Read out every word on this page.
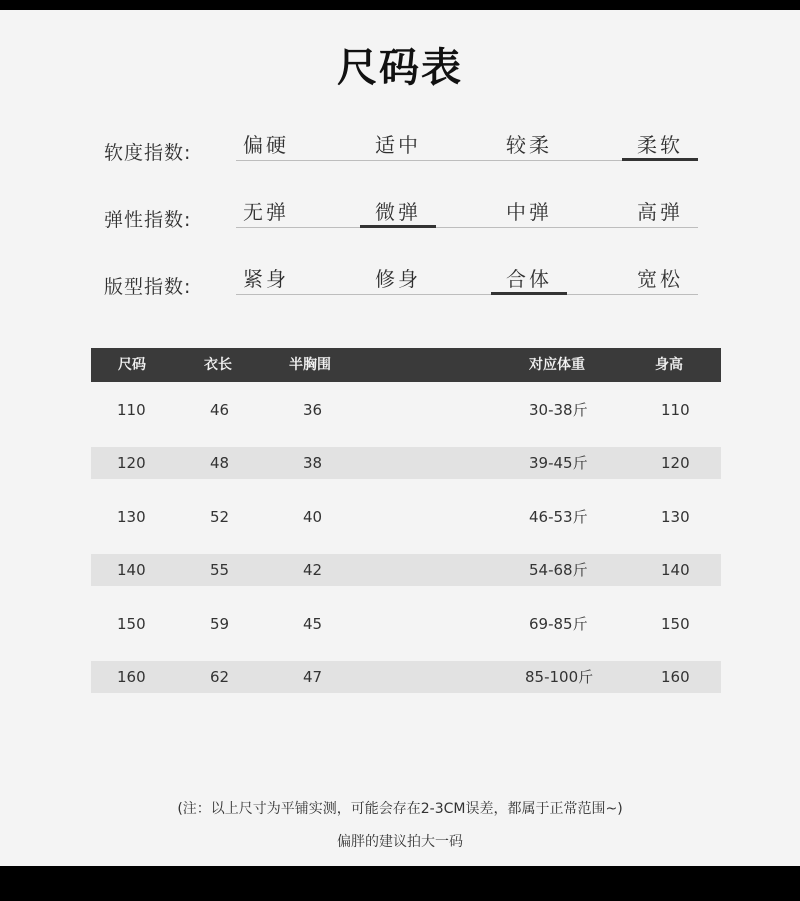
尺码表
软度指数:	偏硬	适中	较柔	柔软
弹性指数:	无弹	微弹	中弹	高弹
版型指数:	紧身	修身	合体	宽松
尺码	衣长	半胸围	对应体重	身高
110	46	36	30-38斤	110
120	48	38	39-45斤	120
130	52	40	46-53斤	130
140	55	42	54-68斤	140
150	59	45	69-85斤	150
160	62	47	85-100斤	160
(注：以上尺寸为平铺实测，可能会存在2-3CM误差，都属于正常范围~)
偏胖的建议拍大一码
